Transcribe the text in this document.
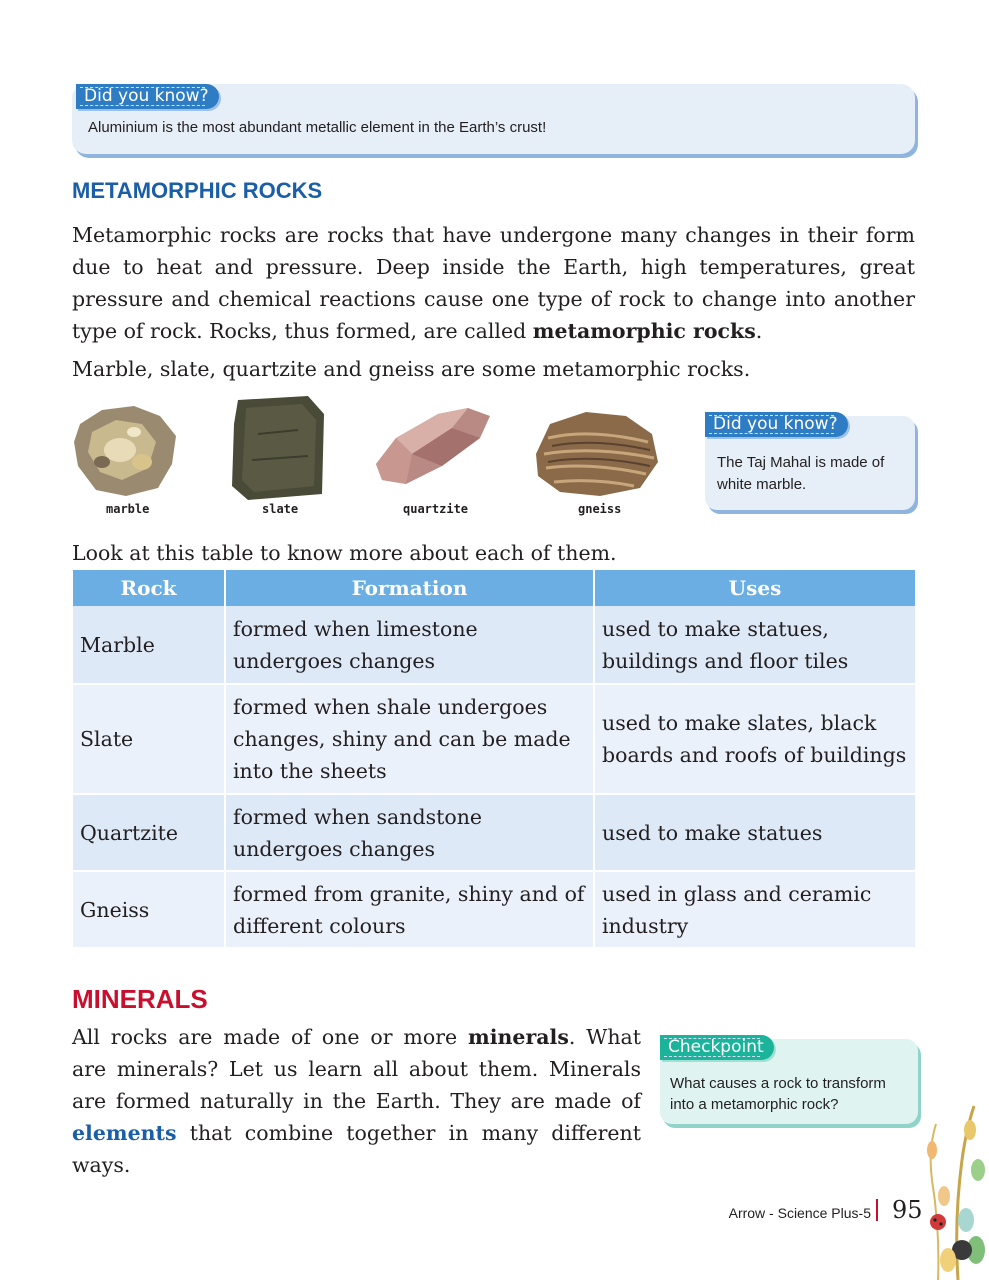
Did you know?
Aluminium is the most abundant metallic element in the Earth’s crust!
METAMORPHIC ROCKS

Metamorphic rocks are rocks that have undergone many changes in their form due to heat and pressure. Deep inside the Earth, high temperatures, great pressure and chemical reactions cause one type of rock to change into another type of rock. Rocks, thus formed, are called metamorphic rocks.

Marble, slate, quartzite and gneiss are some metamorphic rocks.

marble	slate	quartzite	gneiss
Did you know?
The Taj Mahal is made of white marble.

Look at this table to know more about each of them.

Rock	Formation	Uses
Marble	formed when limestone undergoes changes	used to make statues, buildings and floor tiles
Slate	formed when shale undergoes changes, shiny and can be made into the sheets	used to make slates, black boards and roofs of buildings
Quartzite	formed when sandstone undergoes changes	used to make statues
Gneiss	formed from granite, shiny and of different colours	used in glass and ceramic industry
MINERALS

All rocks are made of one or more minerals. What are minerals? Let us learn all about them. Minerals are formed naturally in the Earth. They are made of elements that combine together in many different ways.

Checkpoint
What causes a rock to transform into a metamorphic rock?
Arrow - Science Plus-5 95
